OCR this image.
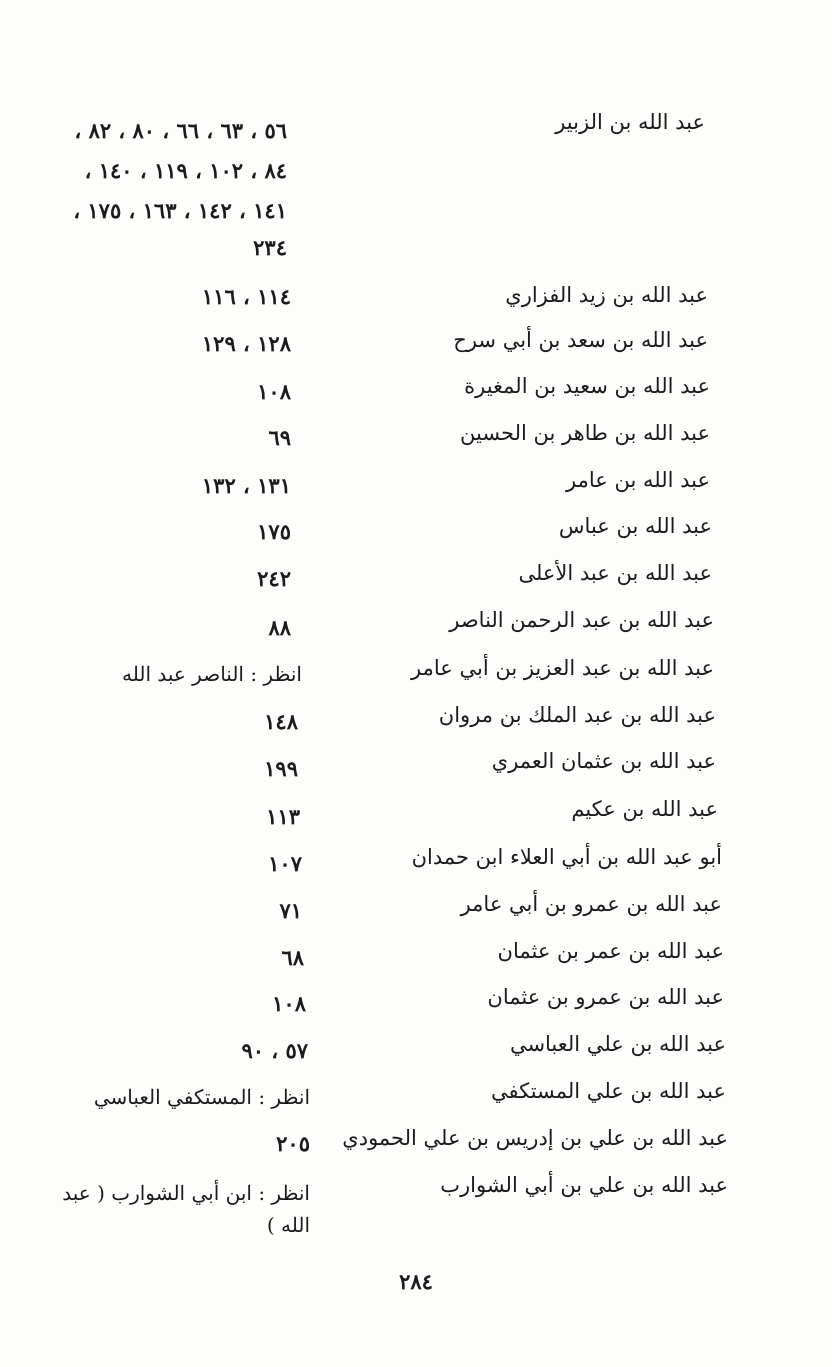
عبد الله بن الزبير
٥٦ ، ٦٣ ، ٦٦ ، ٨٠ ، ٨٢ ،
٨٤ ، ١٠٢ ، ١١٩ ، ١٤٠ ،
١٤١ ، ١٤٢ ، ١٦٣ ، ١٧٥ ،
٢٣٤
عبد الله بن زيد الفزاري
١١٤ ، ١١٦
عبد الله بن سعد بن أبي سرح
١٢٨ ، ١٢٩
عبد الله بن سعيد بن المغيرة
١٠٨
عبد الله بن طاهر بن الحسين
٦٩
عبد الله بن عامر
١٣١ ، ١٣٢
عبد الله بن عباس
١٧٥
عبد الله بن عبد الأعلى
٢٤٢
عبد الله بن عبد الرحمن الناصر
٨٨
عبد الله بن عبد العزيز بن أبي عامر
انظر : الناصر عبد الله
عبد الله بن عبد الملك بن مروان
١٤٨
عبد الله بن عثمان العمري
١٩٩
عبد الله بن عكيم
١١٣
أبو عبد الله بن أبي العلاء ابن حمدان
١٠٧
عبد الله بن عمرو بن أبي عامر
٧١
عبد الله بن عمر بن عثمان
٦٨
عبد الله بن عمرو بن عثمان
١٠٨
عبد الله بن علي العباسي
٥٧ ، ٩٠
عبد الله بن علي المستكفي
انظر : المستكفي العباسي
عبد الله بن علي بن إدريس بن علي الحمودي
٢٠٥
عبد الله بن علي بن أبي الشوارب
انظر : ابن أبي الشوارب ( عبد
الله )
٢٨٤
